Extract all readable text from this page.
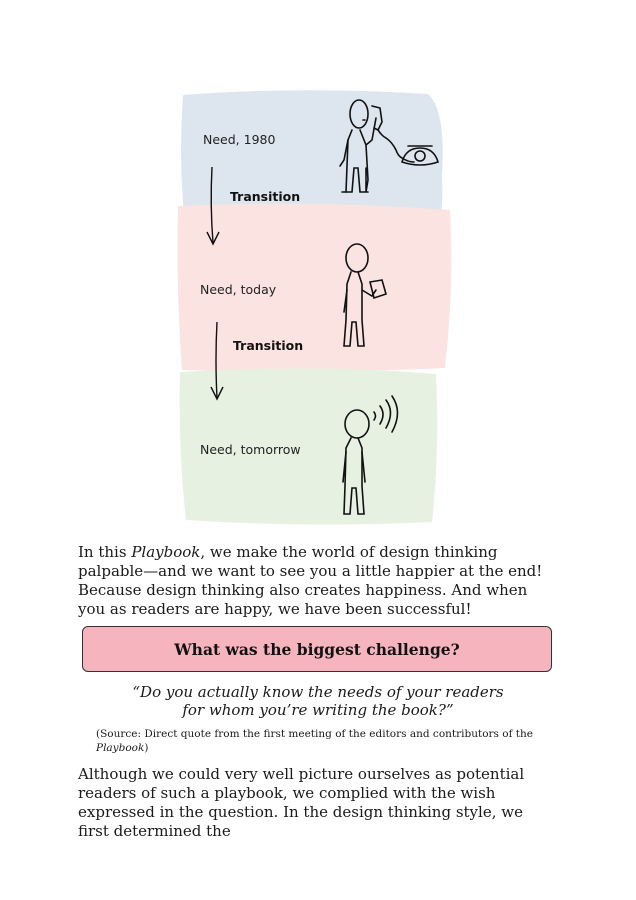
Need, 1980
Transition
Need, today
Transition
Need, tomorrow

In this Playbook, we make the world of design thinking palpable—and we want to see you a little happier at the end! Because design thinking also creates happiness. And when you as readers are happy, we have been successful!

What was the biggest challenge?

“Do you actually know the needs of your readers
for whom you’re writing the book?”

(Source: Direct quote from the first meeting of the editors and contributors of the Playbook)

Although we could very well picture ourselves as potential readers of such a playbook, we complied with the wish expressed in the question. In the design thinking style, we first determined the
